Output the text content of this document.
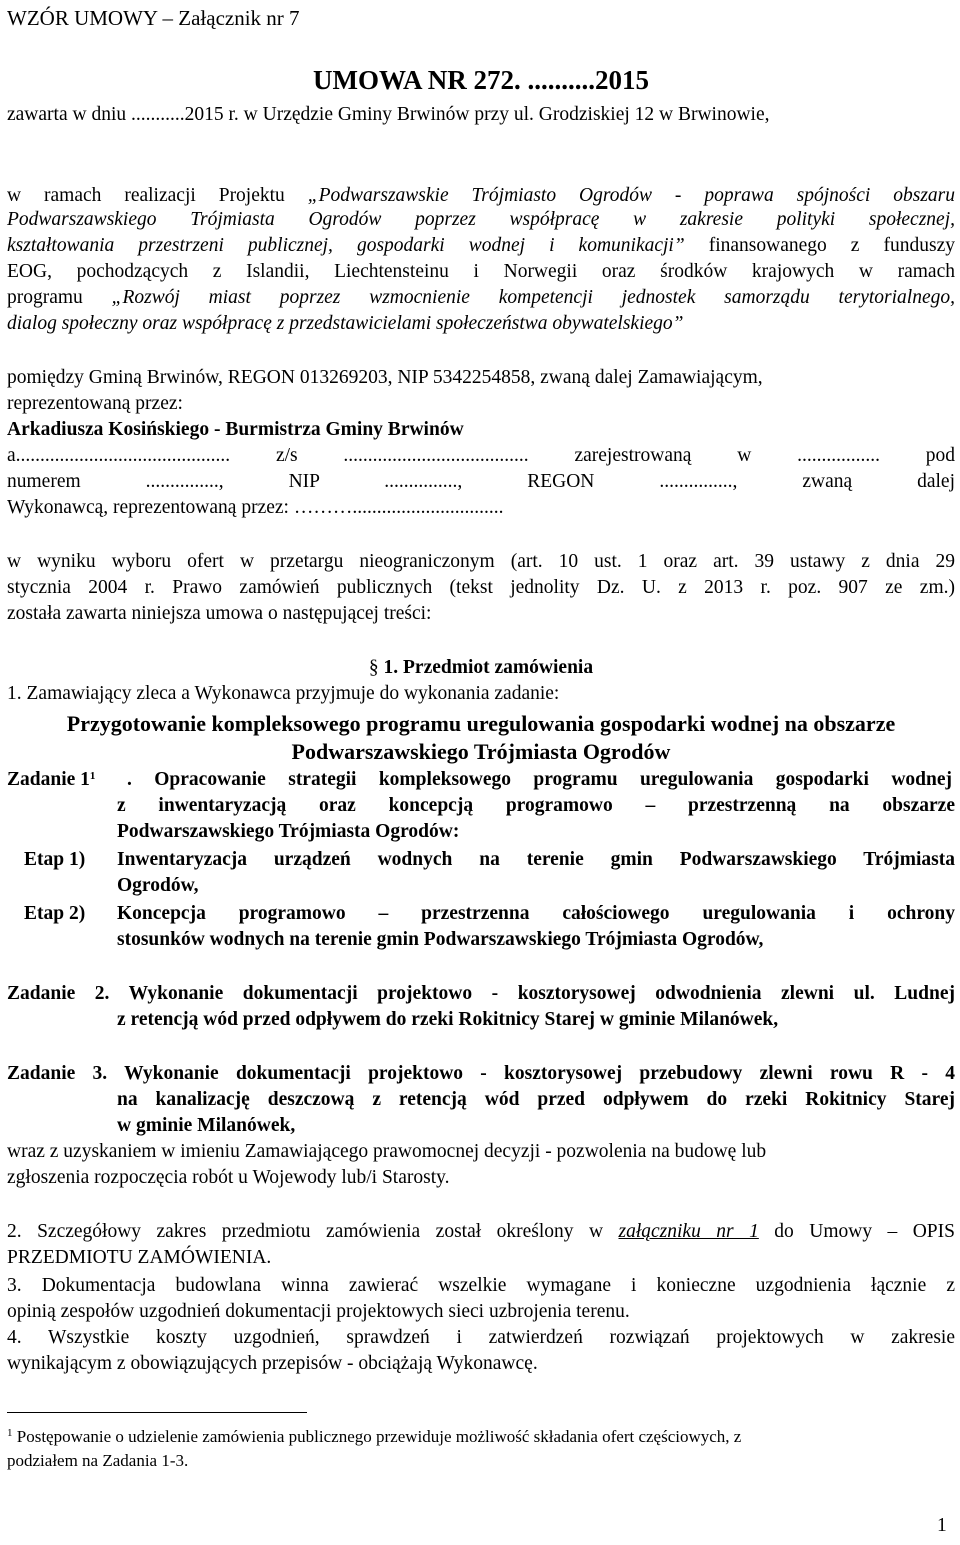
WZÓR UMOWY – Załącznik nr 7
UMOWA NR 272. ..........2015
zawarta w dniu ...........2015 r. w Urzędzie Gminy Brwinów przy ul. Grodziskiej 12 w Brwinowie,
w ramach realizacji Projektu „Podwarszawskie Trójmiasto Ogrodów - poprawa spójności obszaru
Podwarszawskiego Trójmiasta Ogrodów poprzez współpracę w zakresie polityki społecznej,
kształtowania przestrzeni publicznej, gospodarki wodnej i komunikacji” finansowanego z funduszy
EOG, pochodzących z Islandii, Liechtensteinu i Norwegii oraz środków krajowych w ramach
programu „Rozwój miast poprzez wzmocnienie kompetencji jednostek samorządu terytorialnego,
dialog społeczny oraz współpracę z przedstawicielami społeczeństwa obywatelskiego”
pomiędzy Gminą Brwinów, REGON 013269203, NIP 5342254858, zwaną dalej Zamawiającym,
reprezentowaną przez:
Arkadiusza Kosińskiego - Burmistrza Gminy Brwinów
a............................................ z/s ...................................... zarejestrowaną w ................. pod
numerem ..............., NIP ..............., REGON ..............., zwaną dalej
Wykonawcą, reprezentowaną przez: ………...............................
w wyniku wyboru ofert w przetargu nieograniczonym (art. 10 ust. 1 oraz art. 39 ustawy z dnia 29
stycznia 2004 r. Prawo zamówień publicznych (tekst jednolity Dz. U. z 2013 r. poz. 907 ze zm.)
została zawarta niniejsza umowa o następującej treści:
§ 1. Przedmiot zamówienia
1. Zamawiający zleca a Wykonawca przyjmuje do wykonania zadanie:
Przygotowanie kompleksowego programu uregulowania gospodarki wodnej na obszarze
Podwarszawskiego Trójmiasta Ogrodów
Zadanie $1^1$ . Opracowanie strategii kompleksowego programu uregulowania gospodarki wodnej
z inwentaryzacją oraz koncepcją programowo – przestrzenną na obszarze
Podwarszawskiego Trójmiasta Ogrodów:
Etap 1) Inwentaryzacja urządzeń wodnych na terenie gmin Podwarszawskiego Trójmiasta
Ogrodów,
Etap 2) Koncepcja programowo – przestrzenna całościowego uregulowania i ochrony
stosunków wodnych na terenie gmin Podwarszawskiego Trójmiasta Ogrodów,
Zadanie 2. Wykonanie dokumentacji projektowo - kosztorysowej odwodnienia zlewni ul. Ludnej
z retencją wód przed odpływem do rzeki Rokitnicy Starej w gminie Milanówek,
Zadanie 3. Wykonanie dokumentacji projektowo - kosztorysowej przebudowy zlewni rowu R - 4
na kanalizację deszczową z retencją wód przed odpływem do rzeki Rokitnicy Starej
w gminie Milanówek,
wraz z uzyskaniem w imieniu Zamawiającego prawomocnej decyzji - pozwolenia na budowę lub
zgłoszenia rozpoczęcia robót u Wojewody lub/i Starosty.
2. Szczegółowy zakres przedmiotu zamówienia został określony w załączniku nr 1 do Umowy – OPIS
PRZEDMIOTU ZAMÓWIENIA.
3. Dokumentacja budowlana winna zawierać wszelkie wymagane i konieczne uzgodnienia łącznie z
opinią zespołów uzgodnień dokumentacji projektowych sieci uzbrojenia terenu.
4. Wszystkie koszty uzgodnień, sprawdzeń i zatwierdzeń rozwiązań projektowych w zakresie
wynikającym z obowiązujących przepisów - obciążają Wykonawcę.
$^1$ Postępowanie o udzielenie zamówienia publicznego przewiduje możliwość składania ofert częściowych, z
podziałem na Zadania 1-3.
1
